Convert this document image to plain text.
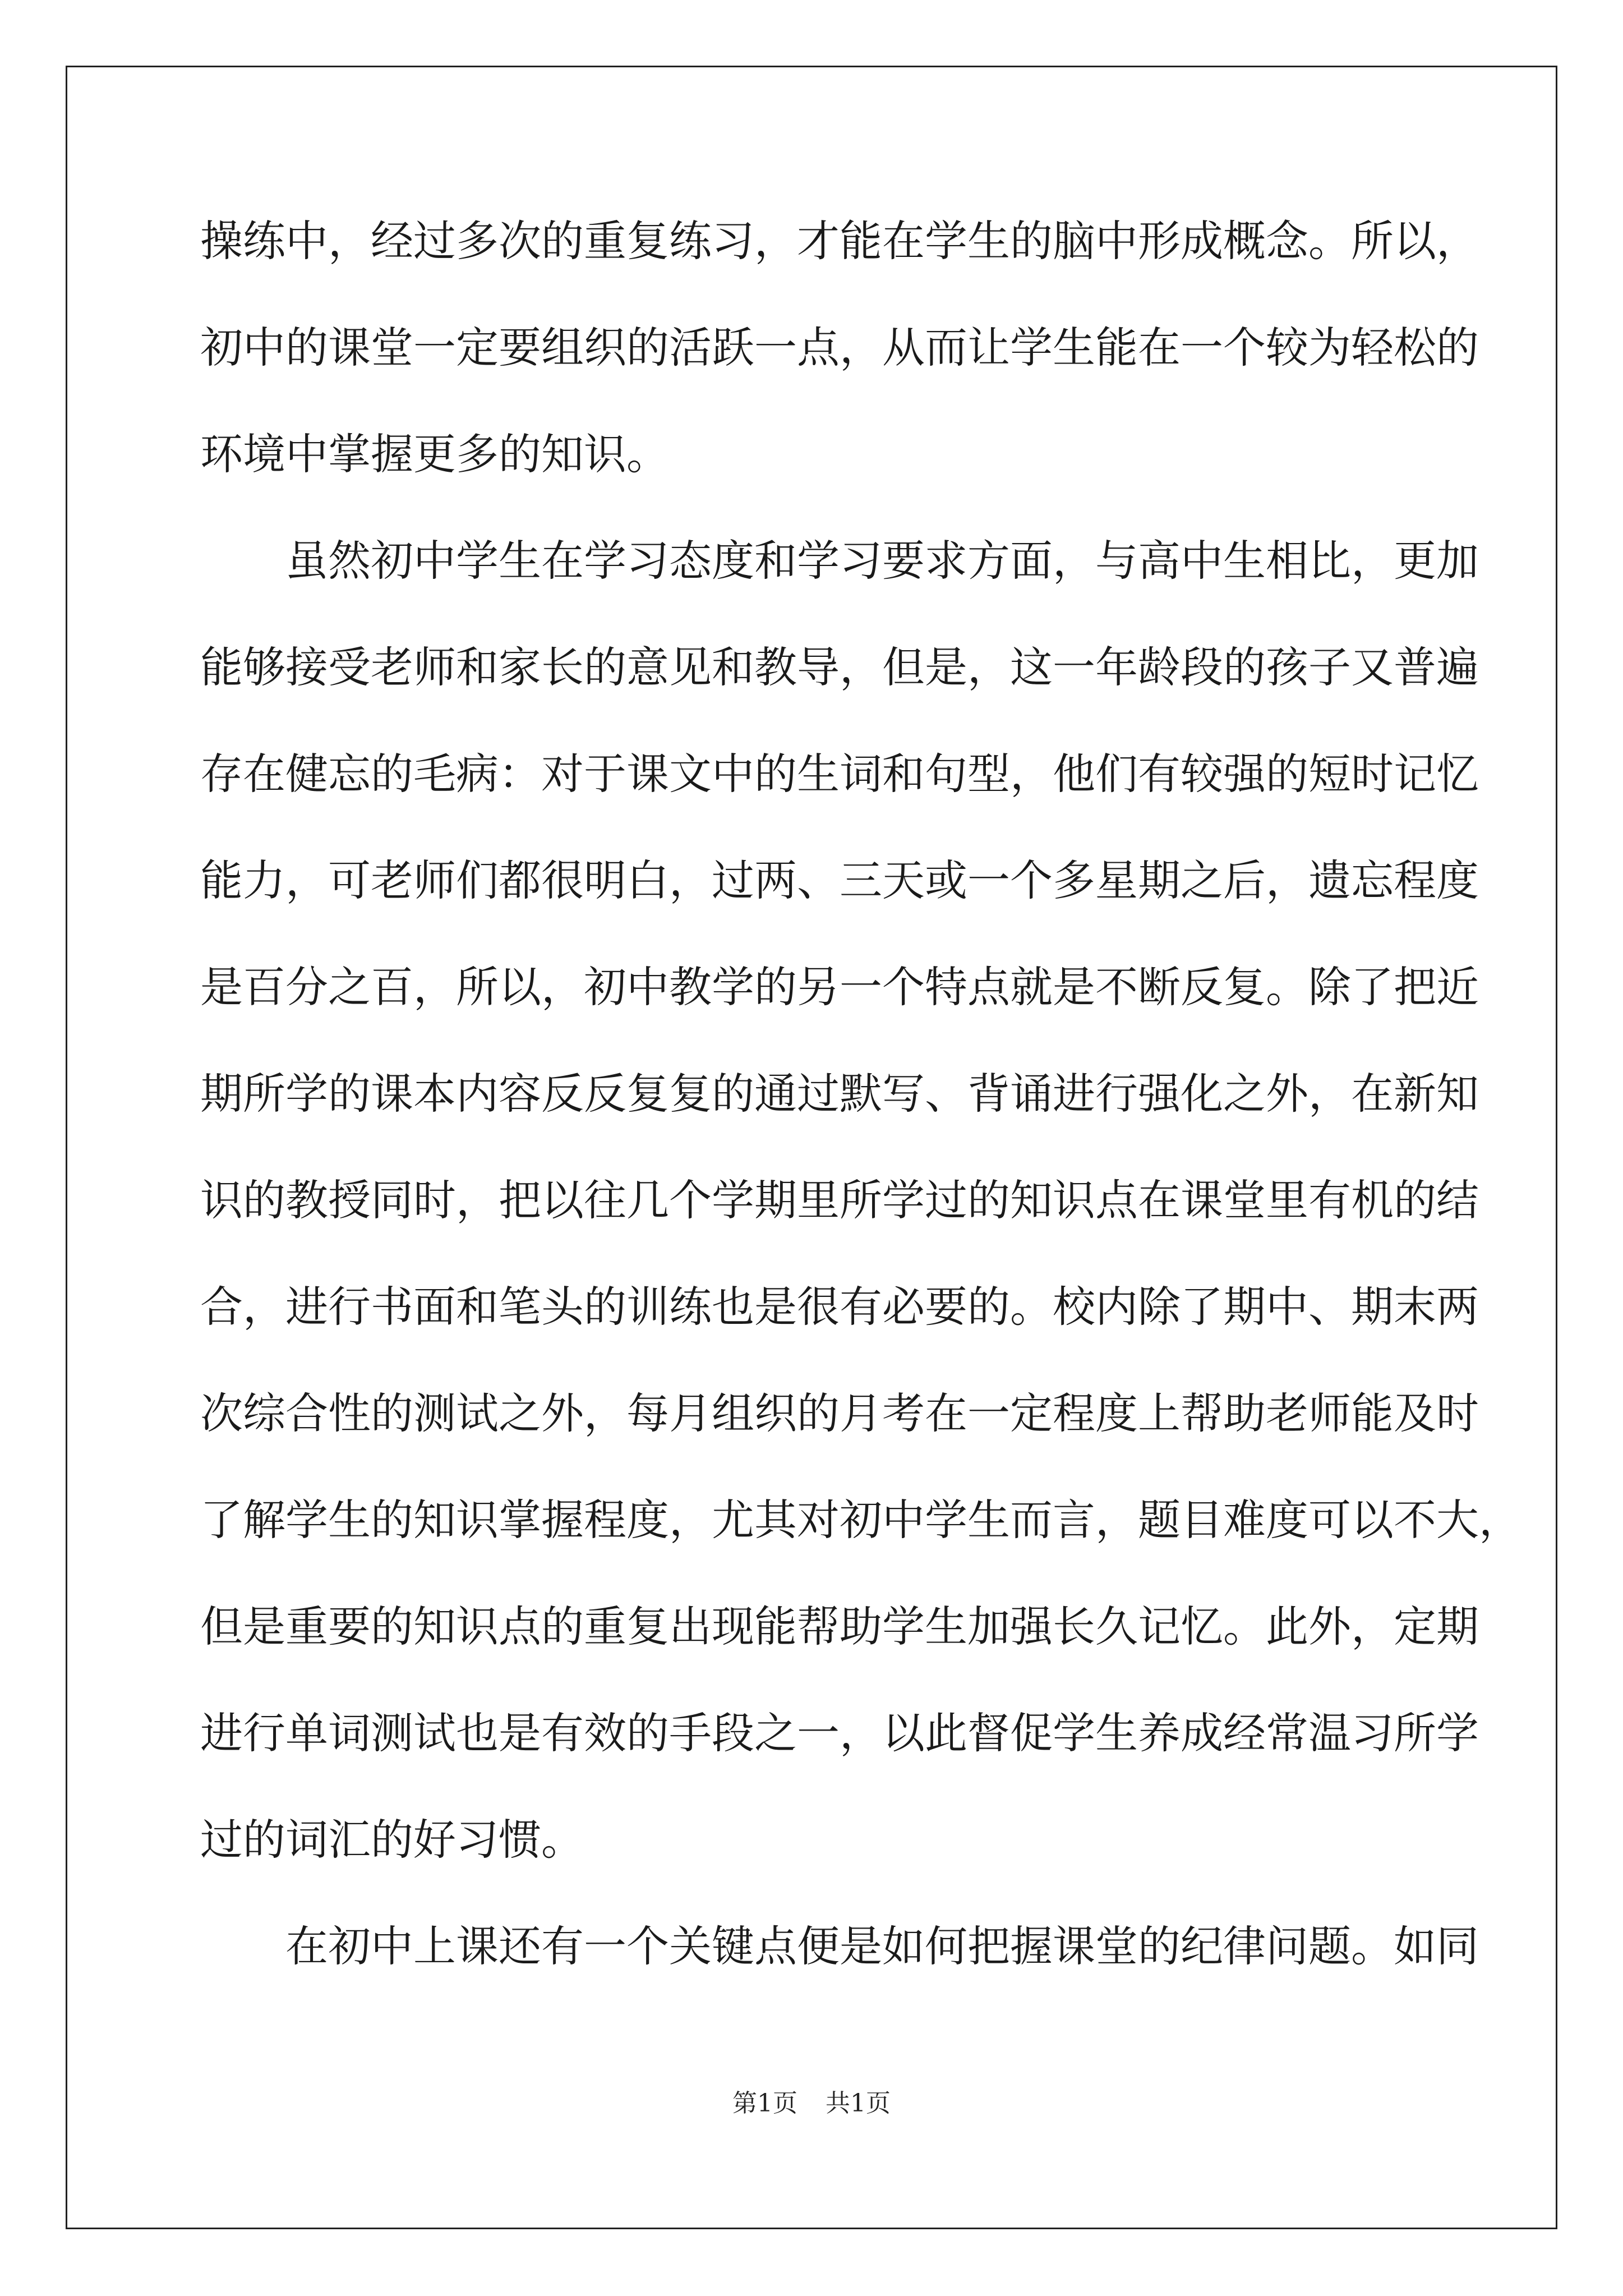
操练中，经过多次的重复练习，才能在学生的脑中形成概念。所以，
初中的课堂一定要组织的活跃一点，从而让学生能在一个较为轻松的
环境中掌握更多的知识。
虽然初中学生在学习态度和学习要求方面，与高中生相比，更加
能够接受老师和家长的意见和教导，但是，这一年龄段的孩子又普遍
存在健忘的毛病：对于课文中的生词和句型，他们有较强的短时记忆
能力，可老师们都很明白，过两、三天或一个多星期之后，遗忘程度
是百分之百，所以，初中教学的另一个特点就是不断反复。除了把近
期所学的课本内容反反复复的通过默写、背诵进行强化之外，在新知
识的教授同时，把以往几个学期里所学过的知识点在课堂里有机的结
合，进行书面和笔头的训练也是很有必要的。校内除了期中、期末两
次综合性的测试之外，每月组织的月考在一定程度上帮助老师能及时
了解学生的知识掌握程度，尤其对初中学生而言，题目难度可以不大，
但是重要的知识点的重复出现能帮助学生加强长久记忆。此外，定期
进行单词测试也是有效的手段之一，以此督促学生养成经常温习所学
过的词汇的好习惯。
在初中上课还有一个关键点便是如何把握课堂的纪律问题。如同
第1页 共1页
